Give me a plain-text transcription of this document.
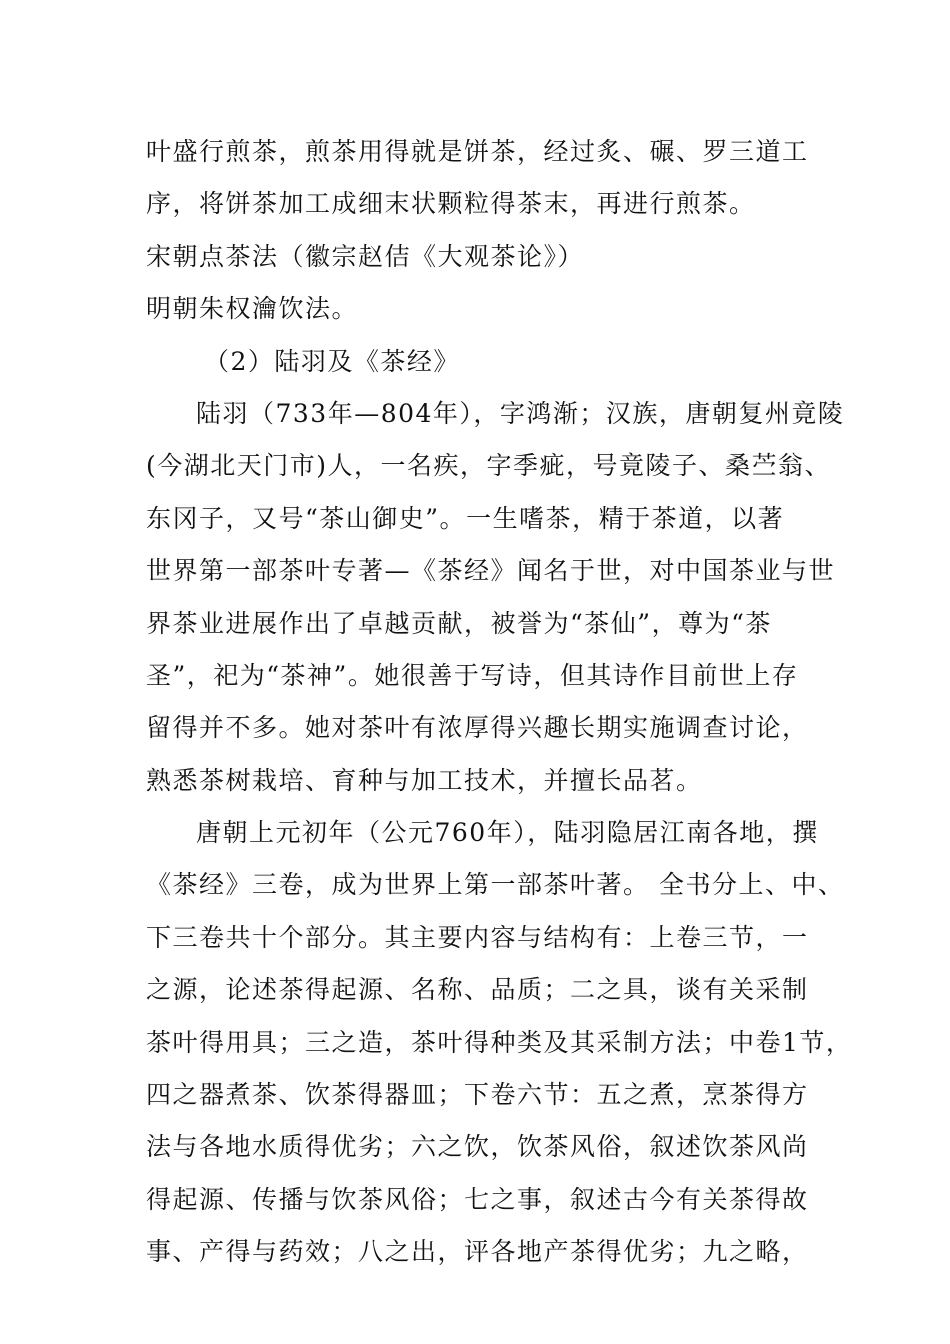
叶盛行煎茶，煎茶用得就是饼茶，经过炙、碾、罗三道工
序，将饼茶加工成细末状颗粒得茶末，再进行煎茶。
宋朝点茶法（徽宗赵佶《大观茶论》）
明朝朱权瀹饮法。
（2）陆羽及《茶经》
陆羽（733年—804年），字鸿渐；汉族，唐朝复州竟陵
(今湖北天门市)人，一名疾，字季疵，号竟陵子、桑苎翁、
东冈子，又号“茶山御史”。一生嗜茶，精于茶道，以著
世界第一部茶叶专著—《茶经》闻名于世，对中国茶业与世
界茶业进展作出了卓越贡献，被誉为“茶仙”，尊为“茶
圣”，祀为“茶神”。她很善于写诗，但其诗作目前世上存
留得并不多。她对茶叶有浓厚得兴趣长期实施调查讨论，
熟悉茶树栽培、育种与加工技术，并擅长品茗。
唐朝上元初年（公元760年），陆羽隐居江南各地，撰
《茶经》三卷，成为世界上第一部茶叶著。 全书分上、中、
下三卷共十个部分。其主要内容与结构有：上卷三节，一
之源，论述茶得起源、名称、品质；二之具，谈有关采制
茶叶得用具；三之造，茶叶得种类及其采制方法；中卷1节，
四之器煮茶、饮茶得器皿；下卷六节：五之煮，烹茶得方
法与各地水质得优劣；六之饮，饮茶风俗，叙述饮茶风尚
得起源、传播与饮茶风俗；七之事，叙述古今有关茶得故
事、产得与药效；八之出，评各地产茶得优劣；九之略，
